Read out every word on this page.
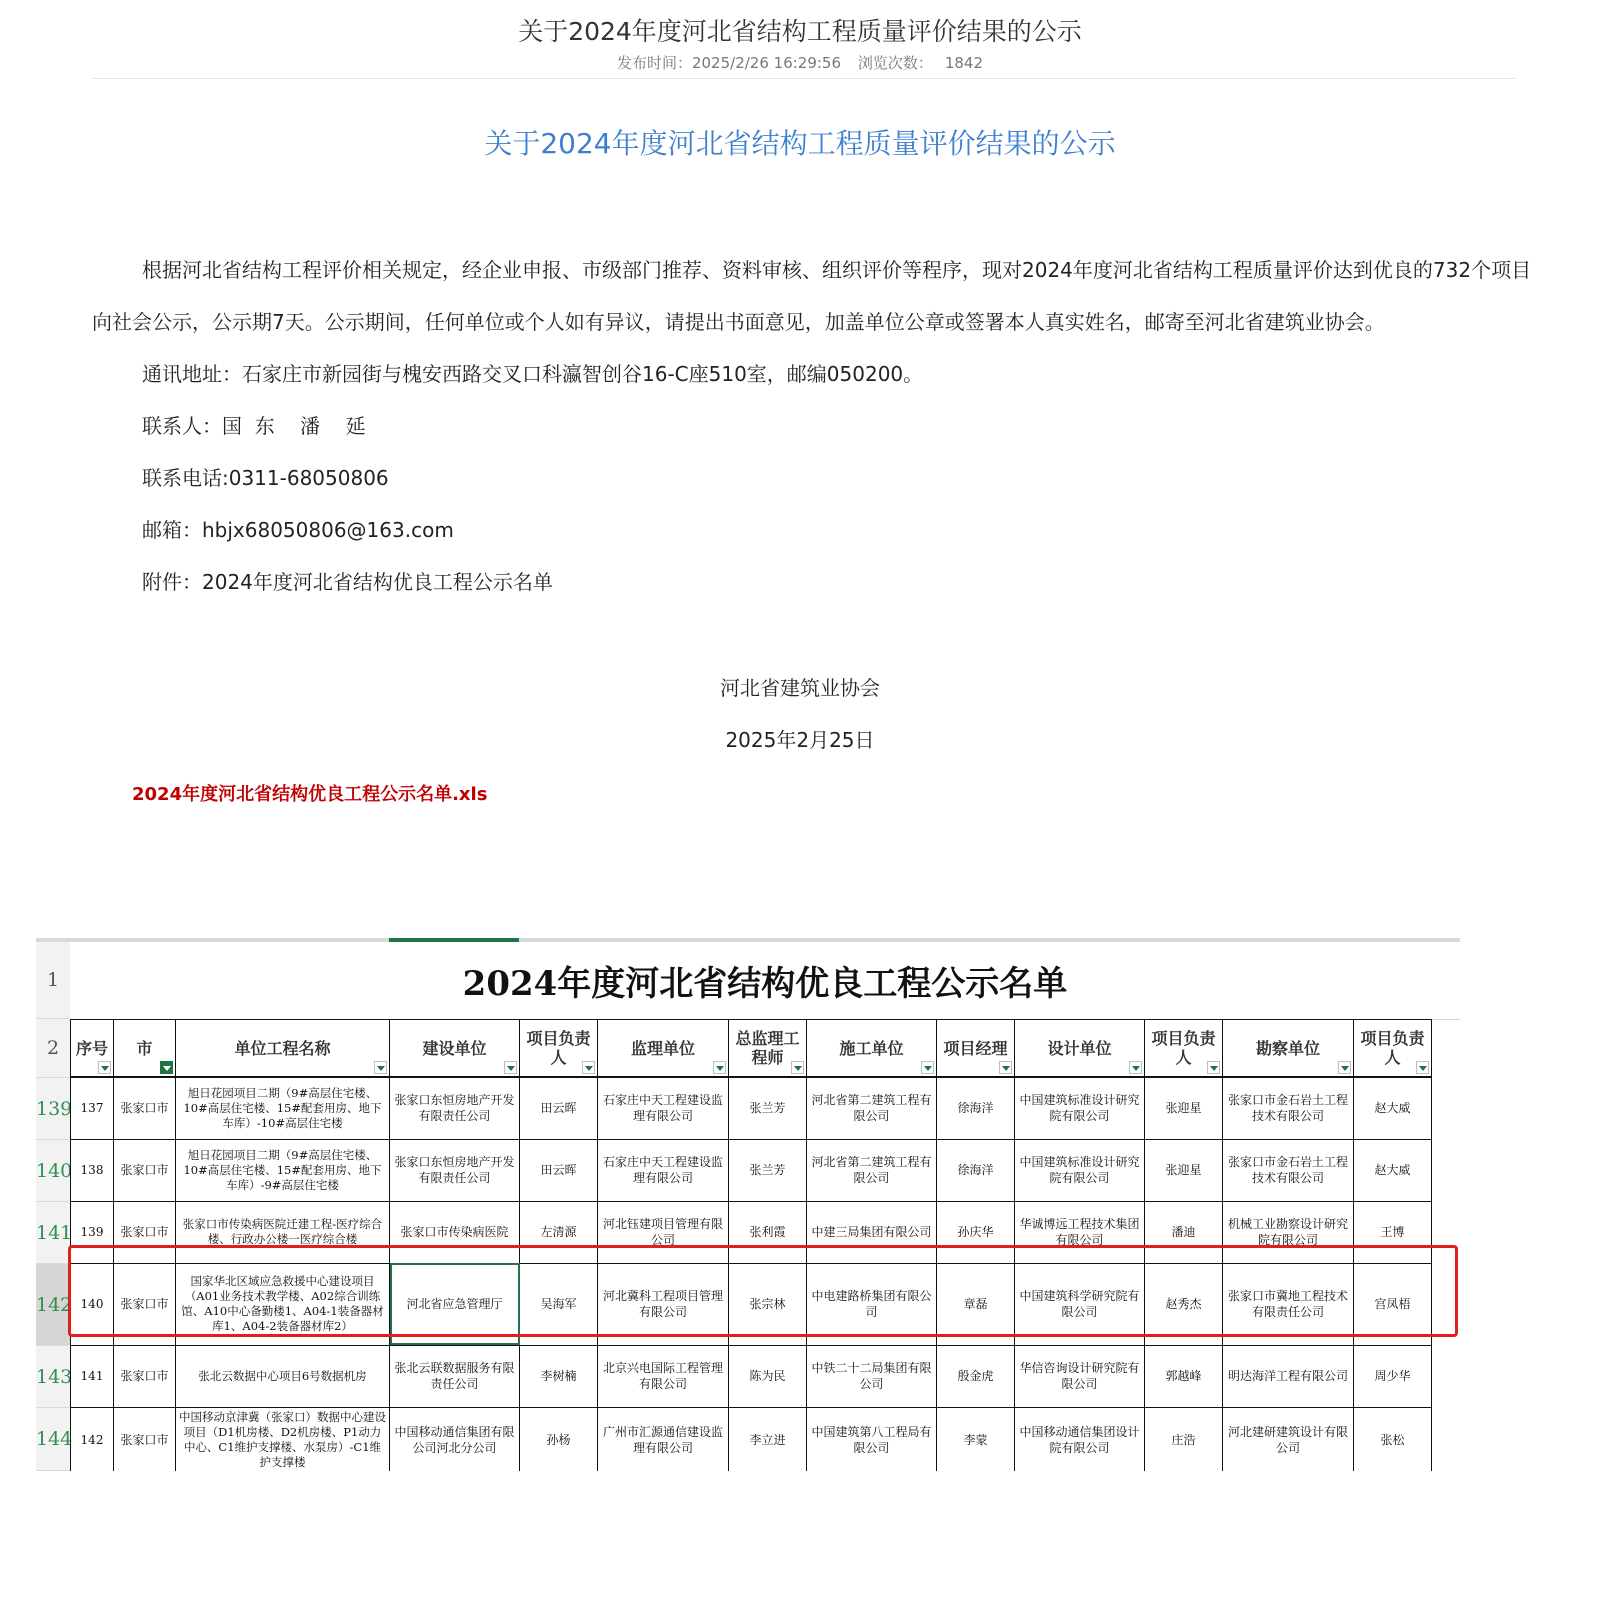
关于2024年度河北省结构工程质量评价结果的公示
发布时间：2025/2/26 16:29:56 浏览次数： 1842
关于2024年度河北省结构工程质量评价结果的公示
根据河北省结构工程评价相关规定，经企业申报、市级部门推荐、资料审核、组织评价等程序，现对2024年度河北省结构工程质量评价达到优良的732个项目向社会公示，公示期7天。公示期间，任何单位或个人如有异议，请提出书面意见，加盖单位公章或签署本人真实姓名，邮寄至河北省建筑业协会。
通讯地址：石家庄市新园街与槐安西路交叉口科瀛智创谷16-C座510室，邮编050200。
联系人：国  东    潘    延
联系电话:0311-68050806
邮箱：hbjx68050806@163.com
附件：2024年度河北省结构优良工程公示名单
河北省建筑业协会
2025年2月25日
2024年度河北省结构优良工程公示名单.xls
1
2
139
140
141
142
143
144
2024年度河北省结构优良工程公示名单
序号	市	单位工程名称	建设单位	项目负责人	监理单位	总监理工程师	施工单位	项目经理	设计单位	项目负责人	勘察单位	项目负责人

137	张家口市	旭日花园项目二期（9#高层住宅楼、10#高层住宅楼、15#配套用房、地下车库）-10#高层住宅楼	张家口东恒房地产开发有限责任公司	田云晖	石家庄中天工程建设监理有限公司	张兰芳	河北省第二建筑工程有限公司	徐海洋	中国建筑标准设计研究院有限公司	张迎星	张家口市金石岩土工程技术有限公司	赵大威
138	张家口市	旭日花园项目二期（9#高层住宅楼、10#高层住宅楼、15#配套用房、地下车库）-9#高层住宅楼	张家口东恒房地产开发有限责任公司	田云晖	石家庄中天工程建设监理有限公司	张兰芳	河北省第二建筑工程有限公司	徐海洋	中国建筑标准设计研究院有限公司	张迎星	张家口市金石岩土工程技术有限公司	赵大威
139	张家口市	张家口市传染病医院迁建工程-医疗综合楼、行政办公楼一医疗综合楼	张家口市传染病医院	左清源	河北钰建项目管理有限公司	张利霞	中建三局集团有限公司	孙庆华	华诚博远工程技术集团有限公司	潘迪	机械工业勘察设计研究院有限公司	王博
140	张家口市	国家华北区域应急救援中心建设项目（A01业务技术教学楼、A02综合训练馆、A10中心备勤楼1、A04-1装备器材库1、A04-2装备器材库2）	河北省应急管理厅	吴海军	河北冀科工程项目管理有限公司	张宗林	中电建路桥集团有限公司	章磊	中国建筑科学研究院有限公司	赵秀杰	张家口市冀地工程技术有限责任公司	宫凤梧
141	张家口市	张北云数据中心项目6号数据机房	张北云联数据服务有限责任公司	李树楠	北京兴电国际工程管理有限公司	陈为民	中铁二十二局集团有限公司	殷金虎	华信咨询设计研究院有限公司	郭越峰	明达海洋工程有限公司	周少华
142	张家口市	中国移动京津冀（张家口）数据中心建设项目（D1机房楼、D2机房楼、P1动力中心、C1维护支撑楼、水泵房）-C1维护支撑楼	中国移动通信集团有限公司河北分公司	孙杨	广州市汇源通信建设监理有限公司	李立进	中国建筑第八工程局有限公司	李蒙	中国移动通信集团设计院有限公司	庄浩	河北建研建筑设计有限公司	张松
